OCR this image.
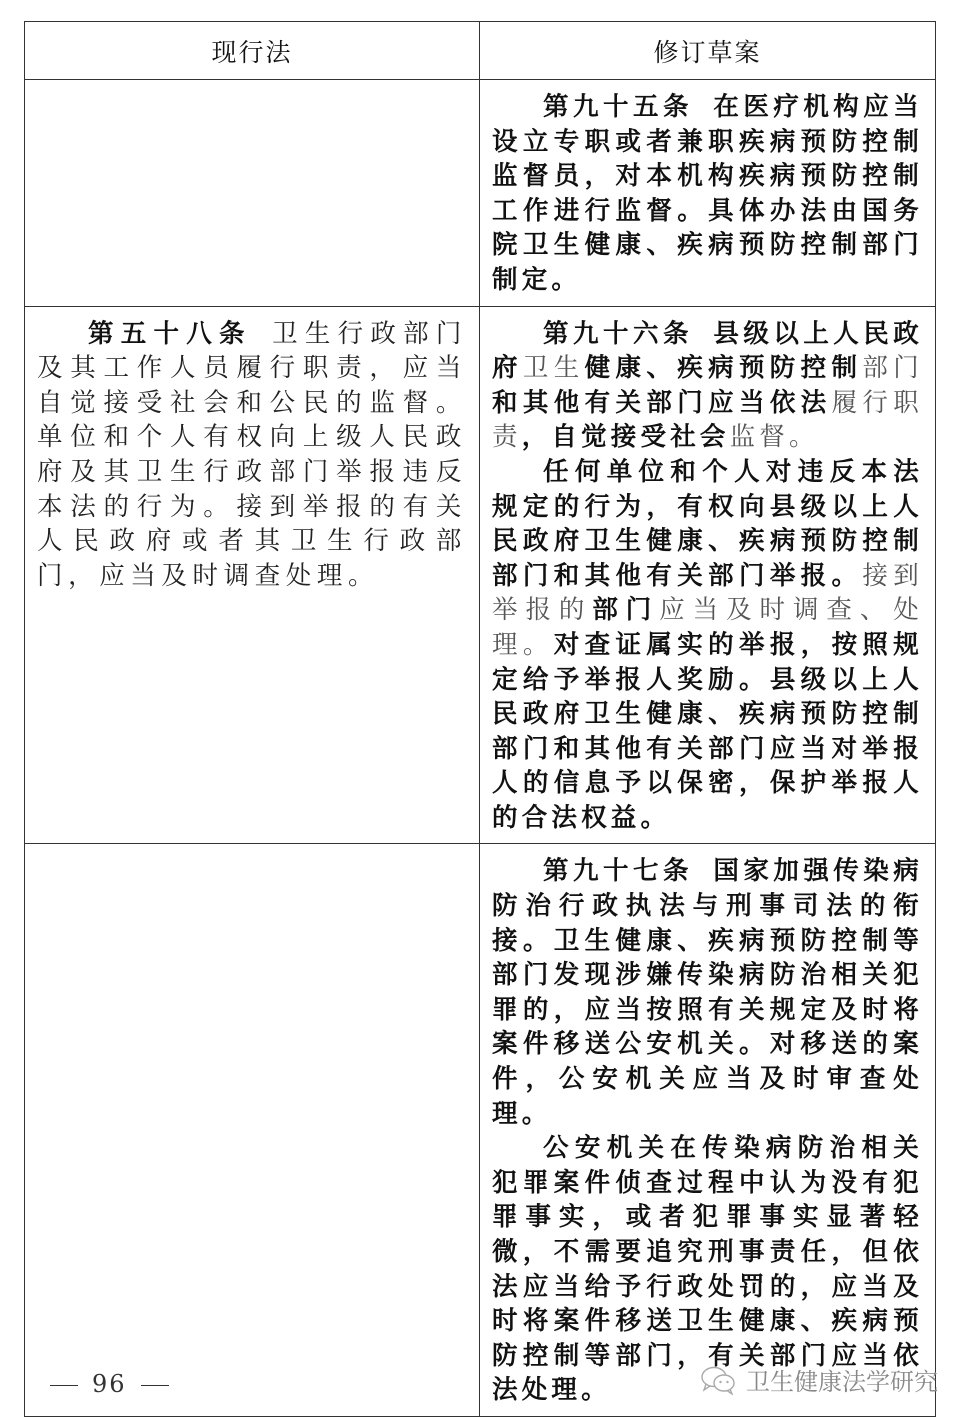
现行法	修订草案

	第九十五条 在医疗机构应当设立专职或者兼职疾病预防控制监督员，对本机构疾病预防控制工作进行监督。具体办法由国务院卫生健康、疾病预防控制部门制定。

第五十八条 卫生行政部门及其工作人员履行职责，应当自觉接受社会和公民的监督。单位和个人有权向上级人民政府及其卫生行政部门举报违反本法的行为。接到举报的有关人民政府或者其卫生行政部门，应当及时调查处理。	第九十六条 县级以上人民政府卫生健康、疾病预防控制部门和其他有关部门应当依法履行职责，自觉接受社会监督。

任何单位和个人对违反本法规定的行为，有权向县级以上人民政府卫生健康、疾病预防控制部门和其他有关部门举报。接到举报的部门应当及时调查、处理。对查证属实的举报，按照规定给予举报人奖励。县级以上人民政府卫生健康、疾病预防控制部门和其他有关部门应当对举报人的信息予以保密，保护举报人的合法权益。

	第九十七条 国家加强传染病防治行政执法与刑事司法的衔接。卫生健康、疾病预防控制等部门发现涉嫌传染病防治相关犯罪的，应当按照有关规定及时将案件移送公安机关。对移送的案件，公安机关应当及时审查处理。

公安机关在传染病防治相关犯罪案件侦查过程中认为没有犯罪事实，或者犯罪事实显著轻微，不需要追究刑事责任，但依法应当给予行政处罚的，应当及时将案件移送卫生健康、疾病预防控制等部门，有关部门应当依法处理。

96	卫生健康法学研究
